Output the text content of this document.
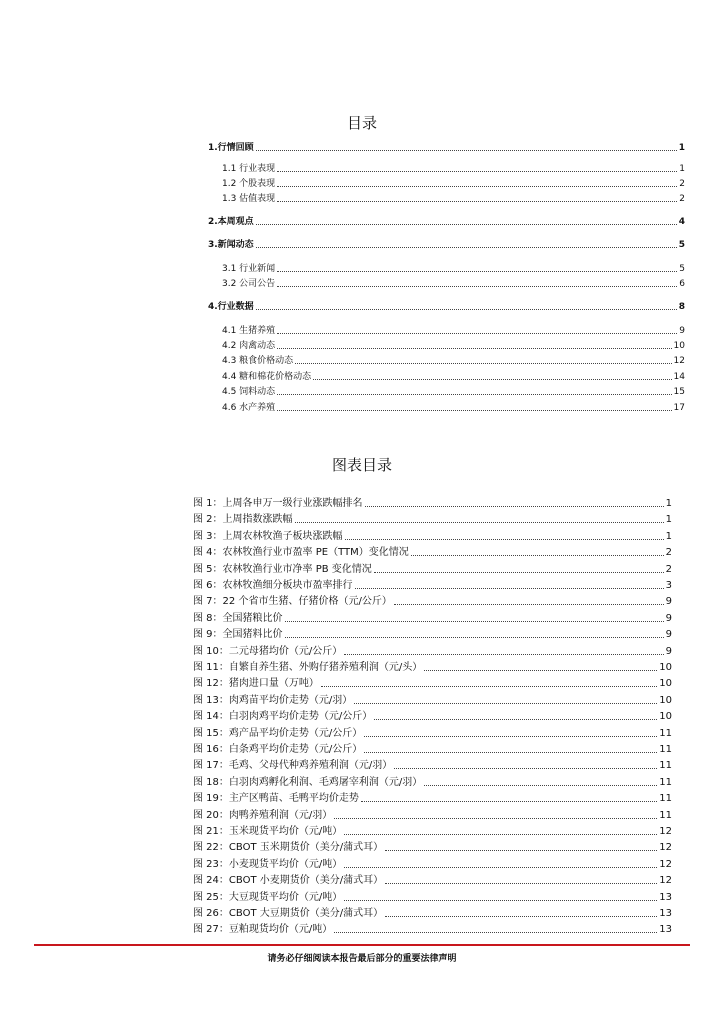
目录
1.行情回顾	1
1.1 行业表现	1
1.2 个股表现	2
1.3 估值表现	2
2.本周观点	4
3.新闻动态	5
3.1 行业新闻	5
3.2 公司公告	6
4.行业数据	8
4.1 生猪养殖	9
4.2 肉禽动态	10
4.3 粮食价格动态	12
4.4 糖和棉花价格动态	14
4.5 饲料动态	15
4.6 水产养殖	17
图表目录
图 1：上周各申万一级行业涨跌幅排名	1
图 2：上周指数涨跌幅	1
图 3：上周农林牧渔子板块涨跌幅	1
图 4：农林牧渔行业市盈率 PE（TTM）变化情况	2
图 5：农林牧渔行业市净率 PB 变化情况	2
图 6：农林牧渔细分板块市盈率排行	3
图 7：22 个省市生猪、仔猪价格（元/公斤）	9
图 8：全国猪粮比价	9
图 9：全国猪料比价	9
图 10：二元母猪均价（元/公斤）	9
图 11：自繁自养生猪、外购仔猪养殖利润（元/头）	10
图 12：猪肉进口量（万吨）	10
图 13：肉鸡苗平均价走势（元/羽）	10
图 14：白羽肉鸡平均价走势（元/公斤）	10
图 15：鸡产品平均价走势（元/公斤）	11
图 16：白条鸡平均价走势（元/公斤）	11
图 17：毛鸡、父母代种鸡养殖利润（元/羽）	11
图 18：白羽肉鸡孵化利润、毛鸡屠宰利润（元/羽）	11
图 19：主产区鸭苗、毛鸭平均价走势	11
图 20：肉鸭养殖利润（元/羽）	11
图 21：玉米现货平均价（元/吨）	12
图 22：CBOT 玉米期货价（美分/蒲式耳）	12
图 23：小麦现货平均价（元/吨）	12
图 24：CBOT 小麦期货价（美分/蒲式耳）	12
图 25：大豆现货平均价（元/吨）	13
图 26：CBOT 大豆期货价（美分/蒲式耳）	13
图 27：豆粕现货均价（元/吨）	13
请务必仔细阅读本报告最后部分的重要法律声明
